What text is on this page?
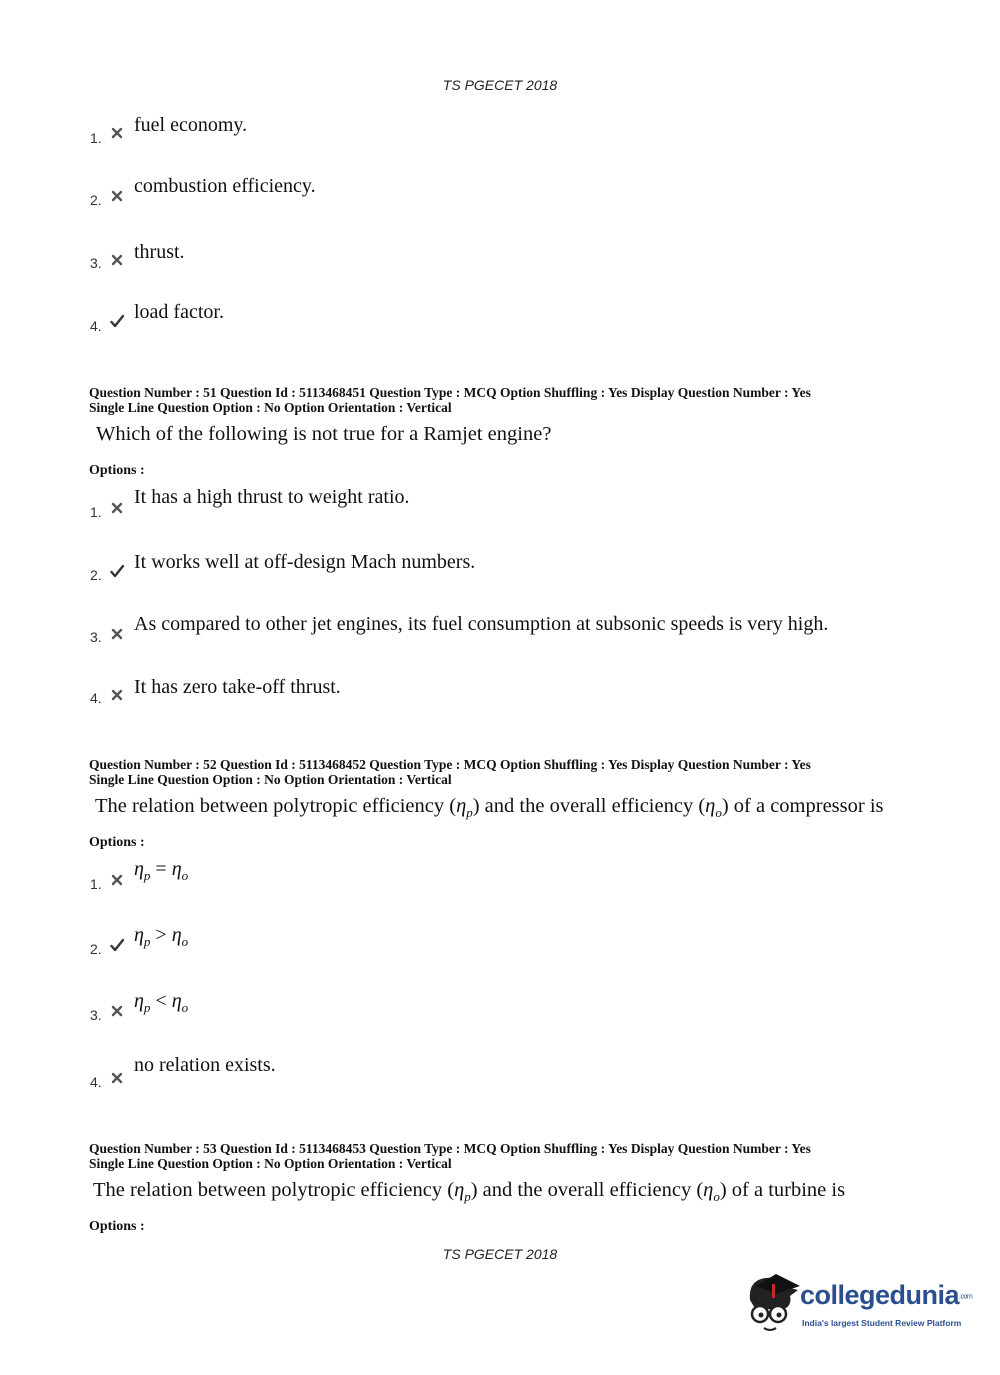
TS PGECET 2018
1.
fuel economy.
2.
combustion efficiency.
3. thrust.
4.
load factor.
Question Number : 51 Question Id : 5113468451 Question Type : MCQ Option Shuffling : Yes Display Question Number : Yes
Single Line Question Option : No Option Orientation : Vertical
Which of the following is not true for a Ramjet engine?
Options :
1.
It has a high thrust to weight ratio.
2.
It works well at off-design Mach numbers.
3.
As compared to other jet engines, its fuel consumption at subsonic speeds is very high.
4. It has zero take-off thrust.
Question Number : 52 Question Id : 5113468452 Question Type : MCQ Option Shuffling : Yes Display Question Number : Yes
Single Line Question Option : No Option Orientation : Vertical
The relation between polytropic efficiency $(\eta_p)$ and the overall efficiency $(\eta_o)$ of a compressor is
Options :
1.
$\eta_p = \eta_o$
2.
$\eta_p > \eta_o$
3.
$\eta_p < \eta_o$
4.
no relation exists.
Question Number : 53 Question Id : 5113468453 Question Type : MCQ Option Shuffling : Yes Display Question Number : Yes
Single Line Question Option : No Option Orientation : Vertical
The relation between polytropic efficiency $(\eta_p)$ and the overall efficiency $(\eta_o)$ of a turbine is
Options :
TS PGECET 2018
collegedunia.com
India's largest Student Review Platform
